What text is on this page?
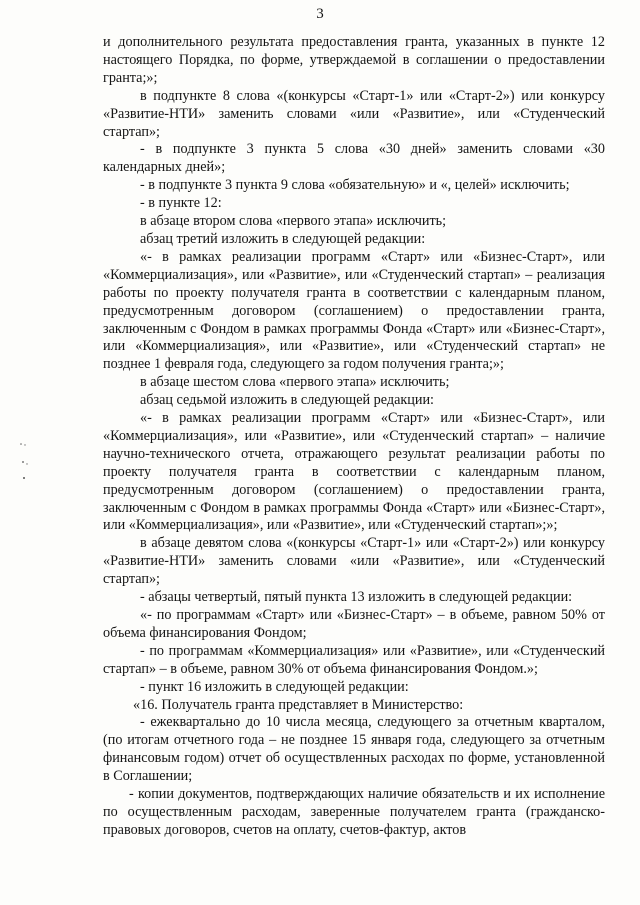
3

и дополнительного результата предоставления гранта, указанных в пункте 12 настоящего Порядка, по форме, утверждаемой в соглашении о предоставлении гранта;»;

в подпункте 8 слова «(конкурсы «Старт-1» или «Старт-2») или конкурсу «Развитие-НТИ» заменить словами «или «Развитие», или «Студенческий стартап»;

- в подпункте 3 пункта 5 слова «30 дней» заменить словами «30 календарных дней»;

- в подпункте 3 пункта 9 слова «обязательную» и «, целей» исключить;

- в пункте 12:

в абзаце втором слова «первого этапа» исключить;

абзац третий изложить в следующей редакции:

«- в рамках реализации программ «Старт» или «Бизнес-Старт», или «Коммерциализация», или «Развитие», или «Студенческий стартап» – реализация работы по проекту получателя гранта в соответствии с календарным планом, предусмотренным договором (соглашением) о предоставлении гранта, заключенным с Фондом в рамках программы Фонда «Старт» или «Бизнес-Старт», или «Коммерциализация», или «Развитие», или «Студенческий стартап» не позднее 1 февраля года, следующего за годом получения гранта;»;

в абзаце шестом слова «первого этапа» исключить;

абзац седьмой изложить в следующей редакции:

«- в рамках реализации программ «Старт» или «Бизнес-Старт», или «Коммерциализация», или «Развитие», или «Студенческий стартап» – наличие научно-технического отчета, отражающего результат реализации работы по проекту получателя гранта в соответствии с календарным планом, предусмотренным договором (соглашением) о предоставлении гранта, заключенным с Фондом в рамках программы Фонда «Старт» или «Бизнес-Старт», или «Коммерциализация», или «Развитие», или «Студенческий стартап»;»;

в абзаце девятом слова «(конкурсы «Старт-1» или «Старт-2») или конкурсу «Развитие-НТИ» заменить словами «или «Развитие», или «Студенческий стартап»;

- абзацы четвертый, пятый пункта 13 изложить в следующей редакции:

«- по программам «Старт» или «Бизнес-Старт» – в объеме, равном 50% от объема финансирования Фондом;

- по программам «Коммерциализация» или «Развитие», или «Студенческий стартап» – в объеме, равном 30% от объема финансирования Фондом.»;

- пункт 16 изложить в следующей редакции:

«16. Получатель гранта представляет в Министерство:

- ежеквартально до 10 числа месяца, следующего за отчетным кварталом, (по итогам отчетного года – не позднее 15 января года, следующего за отчетным финансовым годом) отчет об осуществленных расходах по форме, установленной в Соглашении;

- копии документов, подтверждающих наличие обязательств и их исполнение по осуществленным расходам, заверенные получателем гранта (гражданско-правовых договоров, счетов на оплату, счетов-фактур, актов
